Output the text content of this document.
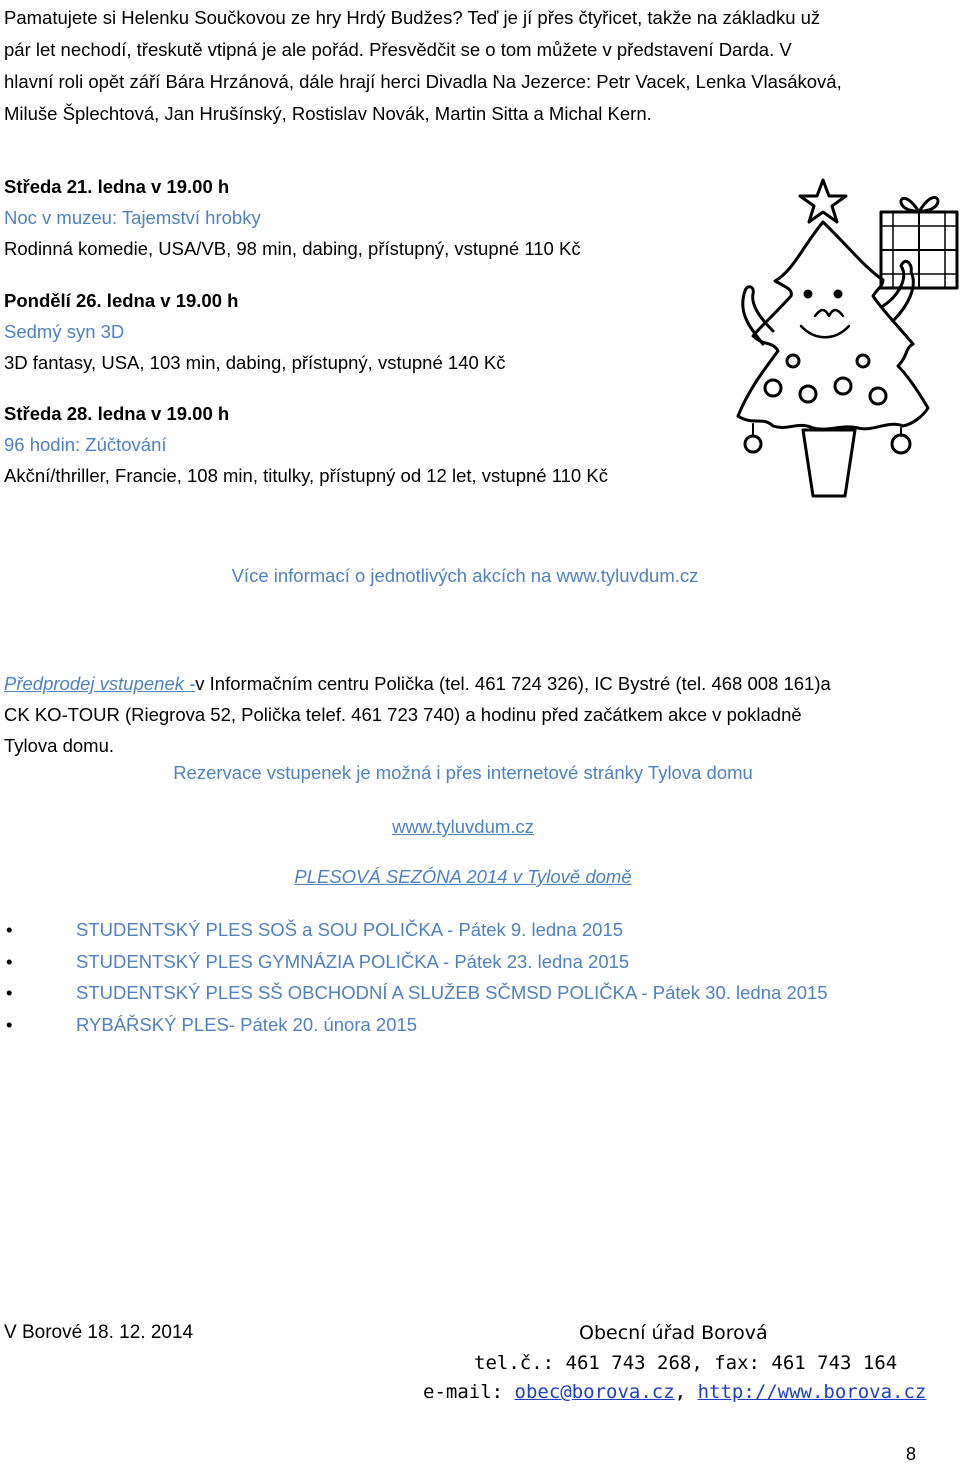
Pamatujete si Helenku Součkovou ze hry Hrdý Budžes? Teď je jí přes čtyřicet, takže na základku už

pár let nechodí, třeskutě vtipná je ale pořád. Přesvědčit se o tom můžete v představení Darda. V

hlavní roli opět září Bára Hrzánová, dále hrají herci Divadla Na Jezerce: Petr Vacek, Lenka Vlasáková,

Miluše Šplechtová, Jan Hrušínský, Rostislav Novák, Martin Sitta a Michal Kern.

Středa 21. ledna v 19.00 h
Noc v muzeu: Tajemství hrobky
Rodinná komedie, USA/VB, 98 min, dabing, přístupný, vstupné 110 Kč
Pondělí 26. ledna v 19.00 h
Sedmý syn 3D
3D fantasy, USA, 103 min, dabing, přístupný, vstupné 140 Kč
Středa 28. ledna v 19.00 h
96 hodin: Zúčtování
Akční/thriller, Francie, 108 min, titulky, přístupný od 12 let, vstupné 110 Kč
Více informací o jednotlivých akcích na www.tyluvdum.cz
Předprodej vstupenek -v Informačním centru Polička (tel. 461 724 326), IC Bystré (tel. 468 008 161)a
CK KO-TOUR (Riegrova 52, Polička telef. 461 723 740) a hodinu před začátkem akce v pokladně
Tylova domu.
Rezervace vstupenek je možná i přes internetové stránky Tylova domu
www.tyluvdum.cz
PLESOVÁ SEZÓNA 2014 v Tylově domě
•	STUDENTSKÝ PLES SOŠ a SOU POLIČKA - Pátek 9. ledna 2015
•	STUDENTSKÝ PLES GYMNÁZIA POLIČKA - Pátek 23. ledna 2015
•	STUDENTSKÝ PLES SŠ OBCHODNÍ A SLUŽEB SČMSD POLIČKA - Pátek 30. ledna 2015
•	RYBÁŘSKÝ PLES- Pátek 20. února 2015
V Borové 18. 12. 2014	Obecní úřad Borová
tel.č.: 461 743 268, fax: 461 743 164
e-mail: obec@borova.cz, http://www.borova.cz
8
